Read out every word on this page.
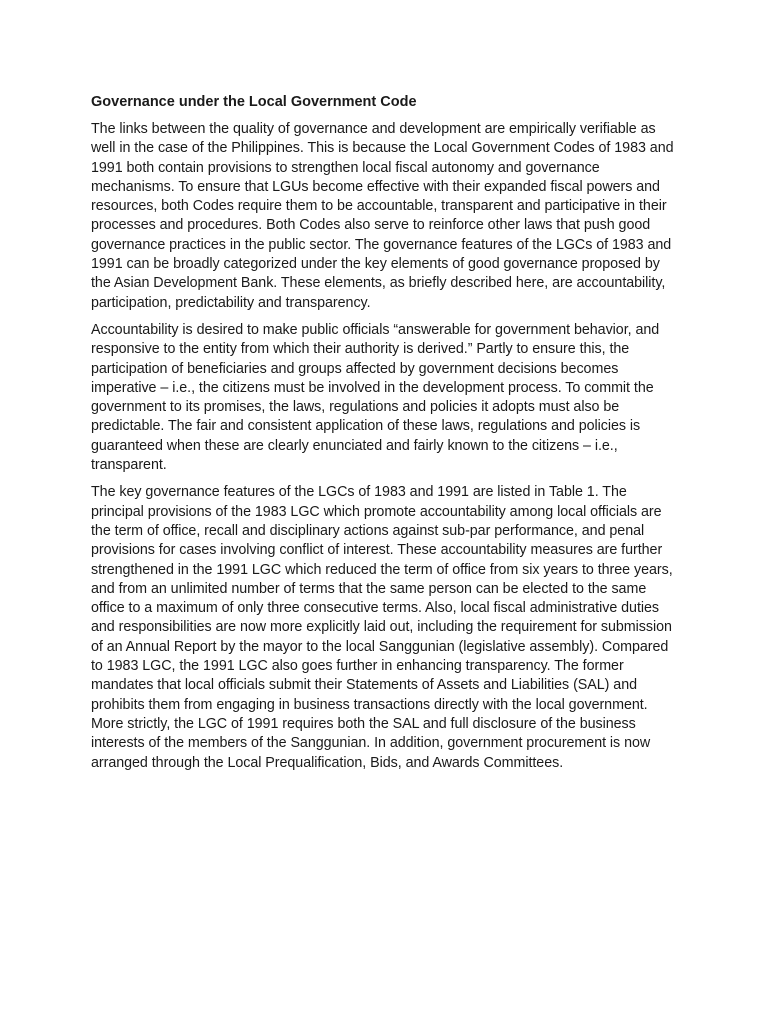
Governance under the Local Government Code

The links between the quality of governance and development are empirically verifiable as well in the case of the Philippines. This is because the Local Government Codes of 1983 and 1991 both contain provisions to strengthen local fiscal autonomy and governance mechanisms. To ensure that LGUs become effective with their expanded fiscal powers and resources, both Codes require them to be accountable, transparent and participative in their processes and procedures. Both Codes also serve to reinforce other laws that push good governance practices in the public sector. The governance features of the LGCs of 1983 and 1991 can be broadly categorized under the key elements of good governance proposed by the Asian Development Bank. These elements, as briefly described here, are accountability, participation, predictability and transparency.

Accountability is desired to make public officials “answerable for government behavior, and responsive to the entity from which their authority is derived.” Partly to ensure this, the participation of beneficiaries and groups affected by government decisions becomes imperative – i.e., the citizens must be involved in the development process. To commit the government to its promises, the laws, regulations and policies it adopts must also be predictable. The fair and consistent application of these laws, regulations and policies is guaranteed when these are clearly enunciated and fairly known to the citizens – i.e., transparent.

The key governance features of the LGCs of 1983 and 1991 are listed in Table 1. The principal provisions of the 1983 LGC which promote accountability among local officials are the term of office, recall and disciplinary actions against sub-par performance, and penal provisions for cases involving conflict of interest. These accountability measures are further strengthened in the 1991 LGC which reduced the term of office from six years to three years, and from an unlimited number of terms that the same person can be elected to the same office to a maximum of only three consecutive terms. Also, local fiscal administrative duties and responsibilities are now more explicitly laid out, including the requirement for submission of an Annual Report by the mayor to the local Sanggunian (legislative assembly). Compared to 1983 LGC, the 1991 LGC also goes further in enhancing transparency. The former mandates that local officials submit their Statements of Assets and Liabilities (SAL) and prohibits them from engaging in business transactions directly with the local government. More strictly, the LGC of 1991 requires both the SAL and full disclosure of the business interests of the members of the Sanggunian. In addition, government procurement is now arranged through the Local Prequalification, Bids, and Awards Committees.
